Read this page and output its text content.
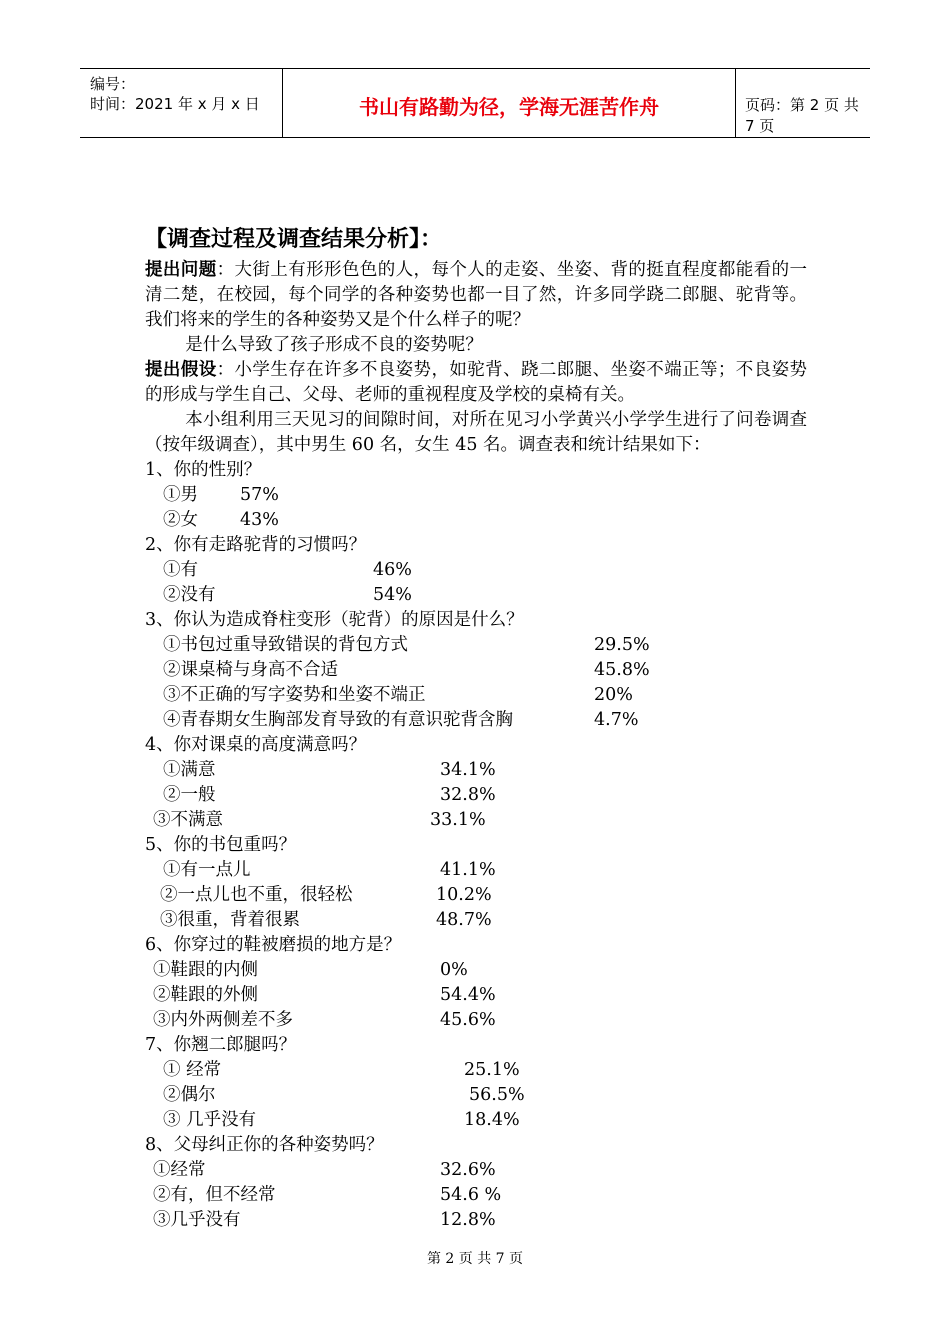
编号：
时间：2021 年 x 月 x 日	书山有路勤为径，学海无涯苦作舟	页码：第 2 页 共 7 页
【调查过程及调查结果分析】：
提出问题：大街上有形形色色的人，每个人的走姿、坐姿、背的挺直程度都能看的一清二楚，在校园，每个同学的各种姿势也都一目了然，许多同学跷二郎腿、驼背等。我们将来的学生的各种姿势又是个什么样子的呢？
是什么导致了孩子形成不良的姿势呢？
提出假设：小学生存在许多不良姿势，如驼背、跷二郎腿、坐姿不端正等；不良姿势的形成与学生自己、父母、老师的重视程度及学校的桌椅有关。
本小组利用三天见习的间隙时间，对所在见习小学黄兴小学学生进行了问卷调查（按年级调查），其中男生 60 名，女生 45 名。调查表和统计结果如下：
1、你的性别？
①男 57%
②女 43%
2、你有走路驼背的习惯吗？
①有	46%
②没有	54%
3、你认为造成脊柱变形（驼背）的原因是什么？
①书包过重导致错误的背包方式	29.5%
②课桌椅与身高不合适	45.8%
③不正确的写字姿势和坐姿不端正	20%
④青春期女生胸部发育导致的有意识驼背含胸	4.7%
4、你对课桌的高度满意吗？
①满意	34.1%
②一般	32.8%
③不满意	33.1%
5、你的书包重吗？
①有一点儿	41.1%
②一点儿也不重，很轻松	10.2%
③很重，背着很累	48.7%
6、你穿过的鞋被磨损的地方是？
①鞋跟的内侧	0%
②鞋跟的外侧	54.4%
③内外两侧差不多	45.6%
7、你翘二郎腿吗？
① 经常	25.1%
②偶尔	56.5%
③ 几乎没有	18.4%
8、父母纠正你的各种姿势吗？
①经常	32.6%
②有，但不经常	54.6 %
③几乎没有	12.8%
第 2 页 共 7 页
